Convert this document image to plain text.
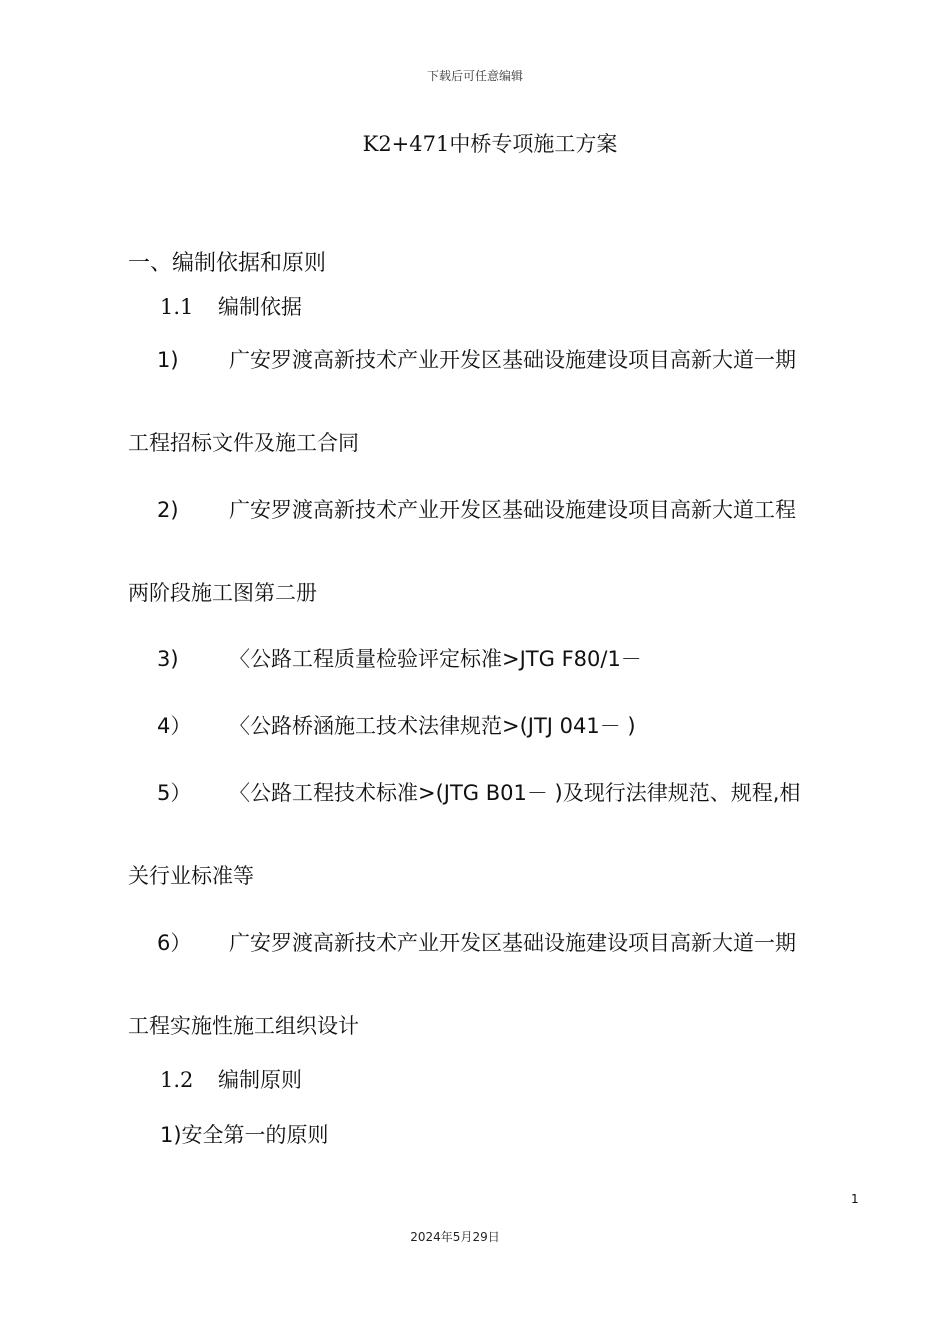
下载后可任意编辑
K2+471中桥专项施工方案
一、编制依据和原则
1.1 编制依据
1) 广安罗渡高新技术产业开发区基础设施建设项目高新大道一期
工程招标文件及施工合同
2) 广安罗渡高新技术产业开发区基础设施建设项目高新大道工程
两阶段施工图第二册
3) 〈公路工程质量检验评定标准>JTG F80/1－
4） 〈公路桥涵施工技术法律规范>(JTJ 041－ )
5） 〈公路工程技术标准>(JTG B01－ )及现行法律规范、规程,相
关行业标准等
6） 广安罗渡高新技术产业开发区基础设施建设项目高新大道一期
工程实施性施工组织设计
1.2 编制原则
1)安全第一的原则
1
2024年5月29日
